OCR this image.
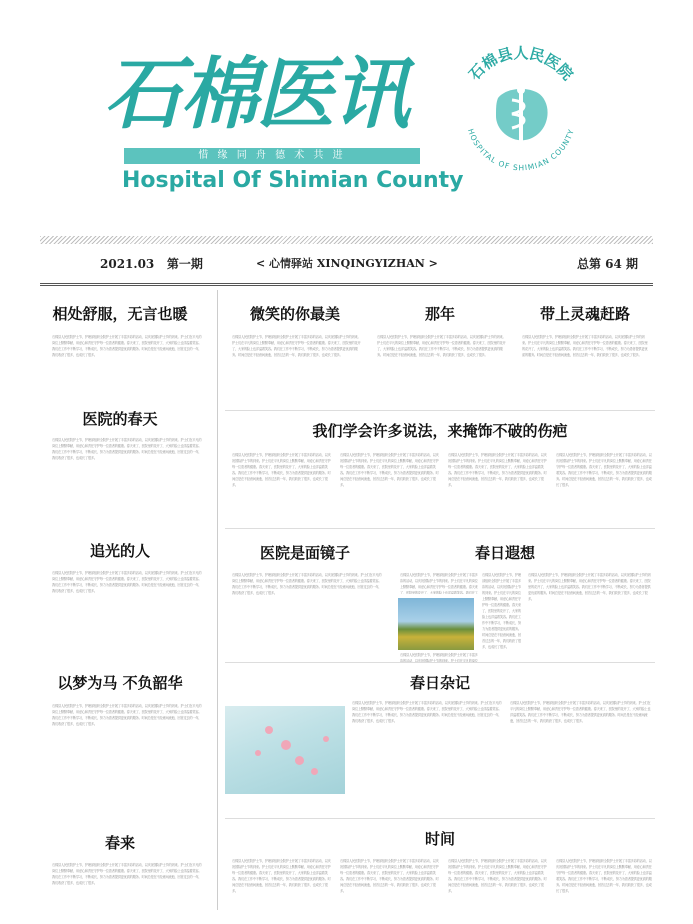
石棉医讯
惜 缘 同 舟 德 术 共 进
Hospital Of Shimian County
石棉县人民医院
HOSPITAL OF SHIMIAN COUNTY
2021.03 第一期	< 心情驿站 XINQINGYIZHAN >	总第 64 期
相处舒服，无言也暖
石棉县人民医院护士节，护理部组织全院护士开展了丰富多彩的活动，以庆祝国际护士节的到来。护士们在平凡的岗位上默默奉献，用爱心和责任守护每一位患者的健康。春天来了，医院里的花开了，大家的脸上也洋溢着笑容。我们在工作中不断学习，不断成长，努力为患者提供更优质的服务。时间总是在不经意间流逝，回首过去的一年，我们收获了很多，也成长了很多。
医院的春天
石棉县人民医院护士节，护理部组织全院护士开展了丰富多彩的活动，以庆祝国际护士节的到来。护士们在平凡的岗位上默默奉献，用爱心和责任守护每一位患者的健康。春天来了，医院里的花开了，大家的脸上也洋溢着笑容。我们在工作中不断学习，不断成长，努力为患者提供更优质的服务。时间总是在不经意间流逝，回首过去的一年，我们收获了很多，也成长了很多。
追光的人
石棉县人民医院护士节，护理部组织全院护士开展了丰富多彩的活动，以庆祝国际护士节的到来。护士们在平凡的岗位上默默奉献，用爱心和责任守护每一位患者的健康。春天来了，医院里的花开了，大家的脸上也洋溢着笑容。我们在工作中不断学习，不断成长，努力为患者提供更优质的服务。时间总是在不经意间流逝，回首过去的一年，我们收获了很多，也成长了很多。
以梦为马 不负韶华
石棉县人民医院护士节，护理部组织全院护士开展了丰富多彩的活动，以庆祝国际护士节的到来。护士们在平凡的岗位上默默奉献，用爱心和责任守护每一位患者的健康。春天来了，医院里的花开了，大家的脸上也洋溢着笑容。我们在工作中不断学习，不断成长，努力为患者提供更优质的服务。时间总是在不经意间流逝，回首过去的一年，我们收获了很多，也成长了很多。
春来
石棉县人民医院护士节，护理部组织全院护士开展了丰富多彩的活动，以庆祝国际护士节的到来。护士们在平凡的岗位上默默奉献，用爱心和责任守护每一位患者的健康。春天来了，医院里的花开了，大家的脸上也洋溢着笑容。我们在工作中不断学习，不断成长，努力为患者提供更优质的服务。时间总是在不经意间流逝，回首过去的一年，我们收获了很多，也成长了很多。
微笑的你最美
石棉县人民医院护士节，护理部组织全院护士开展了丰富多彩的活动，以庆祝国际护士节的到来。护士们在平凡的岗位上默默奉献，用爱心和责任守护每一位患者的健康。春天来了，医院里的花开了，大家的脸上也洋溢着笑容。我们在工作中不断学习，不断成长，努力为患者提供更优质的服务。时间总是在不经意间流逝，回首过去的一年，我们收获了很多，也成长了很多。
那年
石棉县人民医院护士节，护理部组织全院护士开展了丰富多彩的活动，以庆祝国际护士节的到来。护士们在平凡的岗位上默默奉献，用爱心和责任守护每一位患者的健康。春天来了，医院里的花开了，大家的脸上也洋溢着笑容。我们在工作中不断学习，不断成长，努力为患者提供更优质的服务。时间总是在不经意间流逝，回首过去的一年，我们收获了很多，也成长了很多。
带上灵魂赶路
石棉县人民医院护士节，护理部组织全院护士开展了丰富多彩的活动，以庆祝国际护士节的到来。护士们在平凡的岗位上默默奉献，用爱心和责任守护每一位患者的健康。春天来了，医院里的花开了，大家的脸上也洋溢着笑容。我们在工作中不断学习，不断成长，努力为患者提供更优质的服务。时间总是在不经意间流逝，回首过去的一年，我们收获了很多，也成长了很多。
我们学会许多说法，来掩饰不破的伤疤
石棉县人民医院护士节，护理部组织全院护士开展了丰富多彩的活动，以庆祝国际护士节的到来。护士们在平凡的岗位上默默奉献，用爱心和责任守护每一位患者的健康。春天来了，医院里的花开了，大家的脸上也洋溢着笑容。我们在工作中不断学习，不断成长，努力为患者提供更优质的服务。时间总是在不经意间流逝，回首过去的一年，我们收获了很多，也成长了很多。
石棉县人民医院护士节，护理部组织全院护士开展了丰富多彩的活动，以庆祝国际护士节的到来。护士们在平凡的岗位上默默奉献，用爱心和责任守护每一位患者的健康。春天来了，医院里的花开了，大家的脸上也洋溢着笑容。我们在工作中不断学习，不断成长，努力为患者提供更优质的服务。时间总是在不经意间流逝，回首过去的一年，我们收获了很多，也成长了很多。
石棉县人民医院护士节，护理部组织全院护士开展了丰富多彩的活动，以庆祝国际护士节的到来。护士们在平凡的岗位上默默奉献，用爱心和责任守护每一位患者的健康。春天来了，医院里的花开了，大家的脸上也洋溢着笑容。我们在工作中不断学习，不断成长，努力为患者提供更优质的服务。时间总是在不经意间流逝，回首过去的一年，我们收获了很多，也成长了很多。
石棉县人民医院护士节，护理部组织全院护士开展了丰富多彩的活动，以庆祝国际护士节的到来。护士们在平凡的岗位上默默奉献，用爱心和责任守护每一位患者的健康。春天来了，医院里的花开了，大家的脸上也洋溢着笑容。我们在工作中不断学习，不断成长，努力为患者提供更优质的服务。时间总是在不经意间流逝，回首过去的一年，我们收获了很多，也成长了很多。
医院是面镜子
石棉县人民医院护士节，护理部组织全院护士开展了丰富多彩的活动，以庆祝国际护士节的到来。护士们在平凡的岗位上默默奉献，用爱心和责任守护每一位患者的健康。春天来了，医院里的花开了，大家的脸上也洋溢着笑容。我们在工作中不断学习，不断成长，努力为患者提供更优质的服务。时间总是在不经意间流逝，回首过去的一年，我们收获了很多，也成长了很多。
春日遐想
石棉县人民医院护士节，护理部组织全院护士开展了丰富多彩的活动，以庆祝国际护士节的到来。护士们在平凡的岗位上默默奉献，用爱心和责任守护每一位患者的健康。春天来了，医院里的花开了，大家的脸上也洋溢着笑容。我们在工
石棉县人民医院护士节，护理部组织全院护士开展了丰富多彩的活动，以庆祝国际护士节的到来。护士们在平凡的岗位
石棉县人民医院护士节，护理部组织全院护士开展了丰富多彩的活动，以庆祝国际护士节的到来。护士们在平凡的岗位上默默奉献，用爱心和责任守护每一位患者的健康。春天来了，医院里的花开了，大家的脸上也洋溢着笑容。我们在工作中不断学习，不断成长，努力为患者提供更优质的服务。时间总是在不经意间流逝，回首过去的一年，我们收获了很多，也成长了很多。
石棉县人民医院护士节，护理部组织全院护士开展了丰富多彩的活动，以庆祝国际护士节的到来。护士们在平凡的岗位上默默奉献，用爱心和责任守护每一位患者的健康。春天来了，医院里的花开了，大家的脸上也洋溢着笑容。我们在工作中不断学习，不断成长，努力为患者提供更优质的服务。时间总是在不经意间流逝，回首过去的一年，我们收获了很多，也成长了很多。
春日杂记
石棉县人民医院护士节，护理部组织全院护士开展了丰富多彩的活动，以庆祝国际护士节的到来。护士们在平凡的岗位上默默奉献，用爱心和责任守护每一位患者的健康。春天来了，医院里的花开了，大家的脸上也洋溢着笑容。我们在工作中不断学习，不断成长，努力为患者提供更优质的服务。时间总是在不经意间流逝，回首过去的一年，我们收获了很多，也成长了很多。
石棉县人民医院护士节，护理部组织全院护士开展了丰富多彩的活动，以庆祝国际护士节的到来。护士们在平凡的岗位上默默奉献，用爱心和责任守护每一位患者的健康。春天来了，医院里的花开了，大家的脸上也洋溢着笑容。我们在工作中不断学习，不断成长，努力为患者提供更优质的服务。时间总是在不经意间流逝，回首过去的一年，我们收获了很多，也成长了很多。
时间
石棉县人民医院护士节，护理部组织全院护士开展了丰富多彩的活动，以庆祝国际护士节的到来。护士们在平凡的岗位上默默奉献，用爱心和责任守护每一位患者的健康。春天来了，医院里的花开了，大家的脸上也洋溢着笑容。我们在工作中不断学习，不断成长，努力为患者提供更优质的服务。时间总是在不经意间流逝，回首过去的一年，我们收获了很多，也成长了很多。
石棉县人民医院护士节，护理部组织全院护士开展了丰富多彩的活动，以庆祝国际护士节的到来。护士们在平凡的岗位上默默奉献，用爱心和责任守护每一位患者的健康。春天来了，医院里的花开了，大家的脸上也洋溢着笑容。我们在工作中不断学习，不断成长，努力为患者提供更优质的服务。时间总是在不经意间流逝，回首过去的一年，我们收获了很多，也成长了很多。
石棉县人民医院护士节，护理部组织全院护士开展了丰富多彩的活动，以庆祝国际护士节的到来。护士们在平凡的岗位上默默奉献，用爱心和责任守护每一位患者的健康。春天来了，医院里的花开了，大家的脸上也洋溢着笑容。我们在工作中不断学习，不断成长，努力为患者提供更优质的服务。时间总是在不经意间流逝，回首过去的一年，我们收获了很多，也成长了很多。
石棉县人民医院护士节，护理部组织全院护士开展了丰富多彩的活动，以庆祝国际护士节的到来。护士们在平凡的岗位上默默奉献，用爱心和责任守护每一位患者的健康。春天来了，医院里的花开了，大家的脸上也洋溢着笑容。我们在工作中不断学习，不断成长，努力为患者提供更优质的服务。时间总是在不经意间流逝，回首过去的一年，我们收获了很多，也成长了很多。
